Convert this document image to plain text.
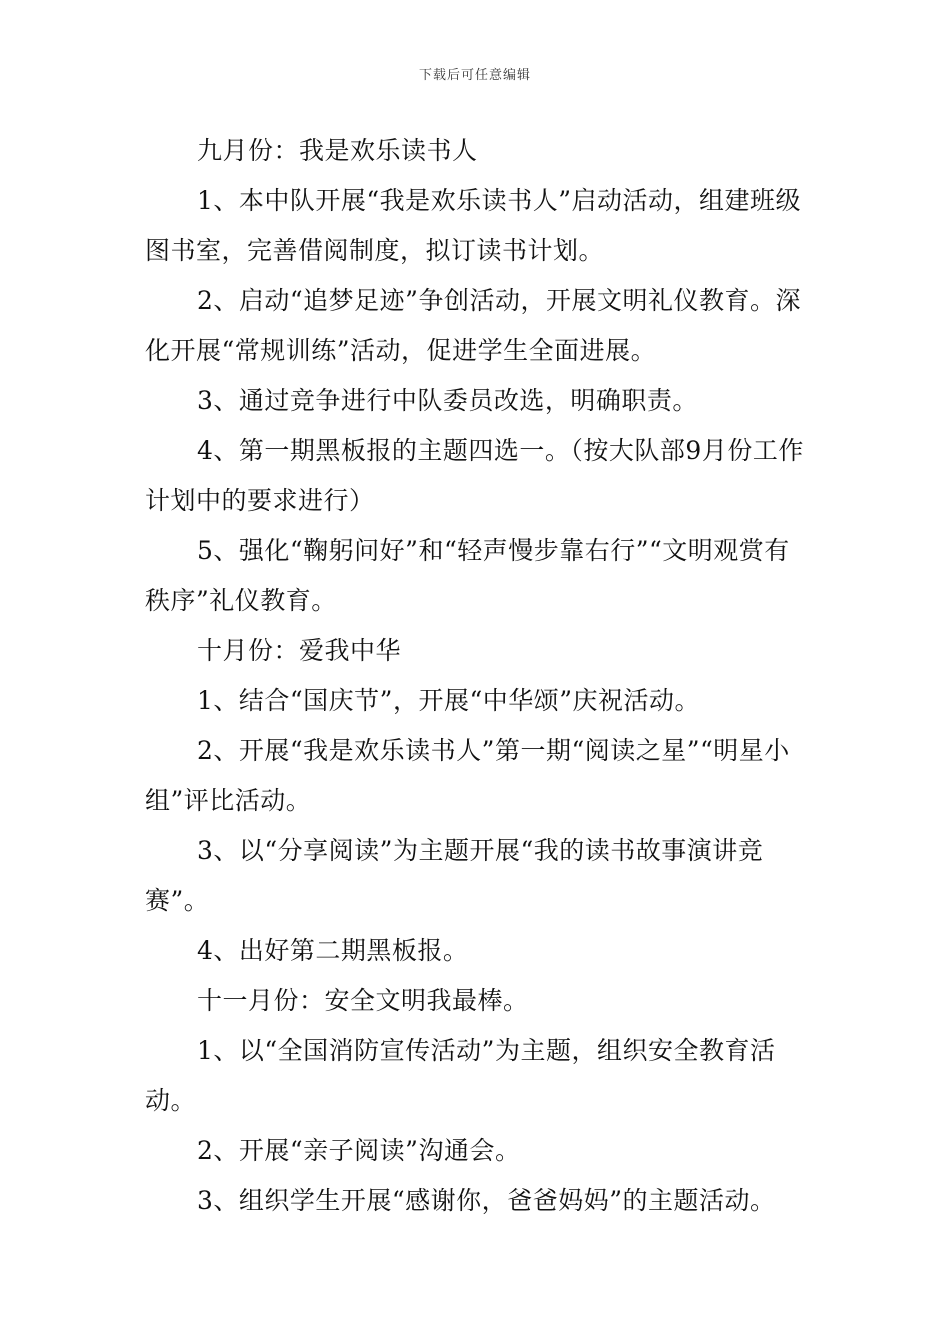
下载后可任意编辑

九月份：我是欢乐读书人

1、本中队开展“我是欢乐读书人”启动活动，组建班级图书室，完善借阅制度，拟订读书计划。

2、启动“追梦足迹”争创活动，开展文明礼仪教育。深化开展“常规训练”活动，促进学生全面进展。

3、通过竞争进行中队委员改选，明确职责。

4、第一期黑板报的主题四选一。（按大队部9月份工作计划中的要求进行）

5、强化“鞠躬问好”和“轻声慢步靠右行”“文明观赏有秩序”礼仪教育。

十月份：爱我中华

1、结合“国庆节”，开展“中华颂”庆祝活动。

2、开展“我是欢乐读书人”第一期“阅读之星”“明星小组”评比活动。

3、以“分享阅读”为主题开展“我的读书故事演讲竞赛”。

4、出好第二期黑板报。

十一月份：安全文明我最棒。

1、以“全国消防宣传活动”为主题，组织安全教育活动。

2、开展“亲子阅读”沟通会。

3、组织学生开展“感谢你，爸爸妈妈”的主题活动。
